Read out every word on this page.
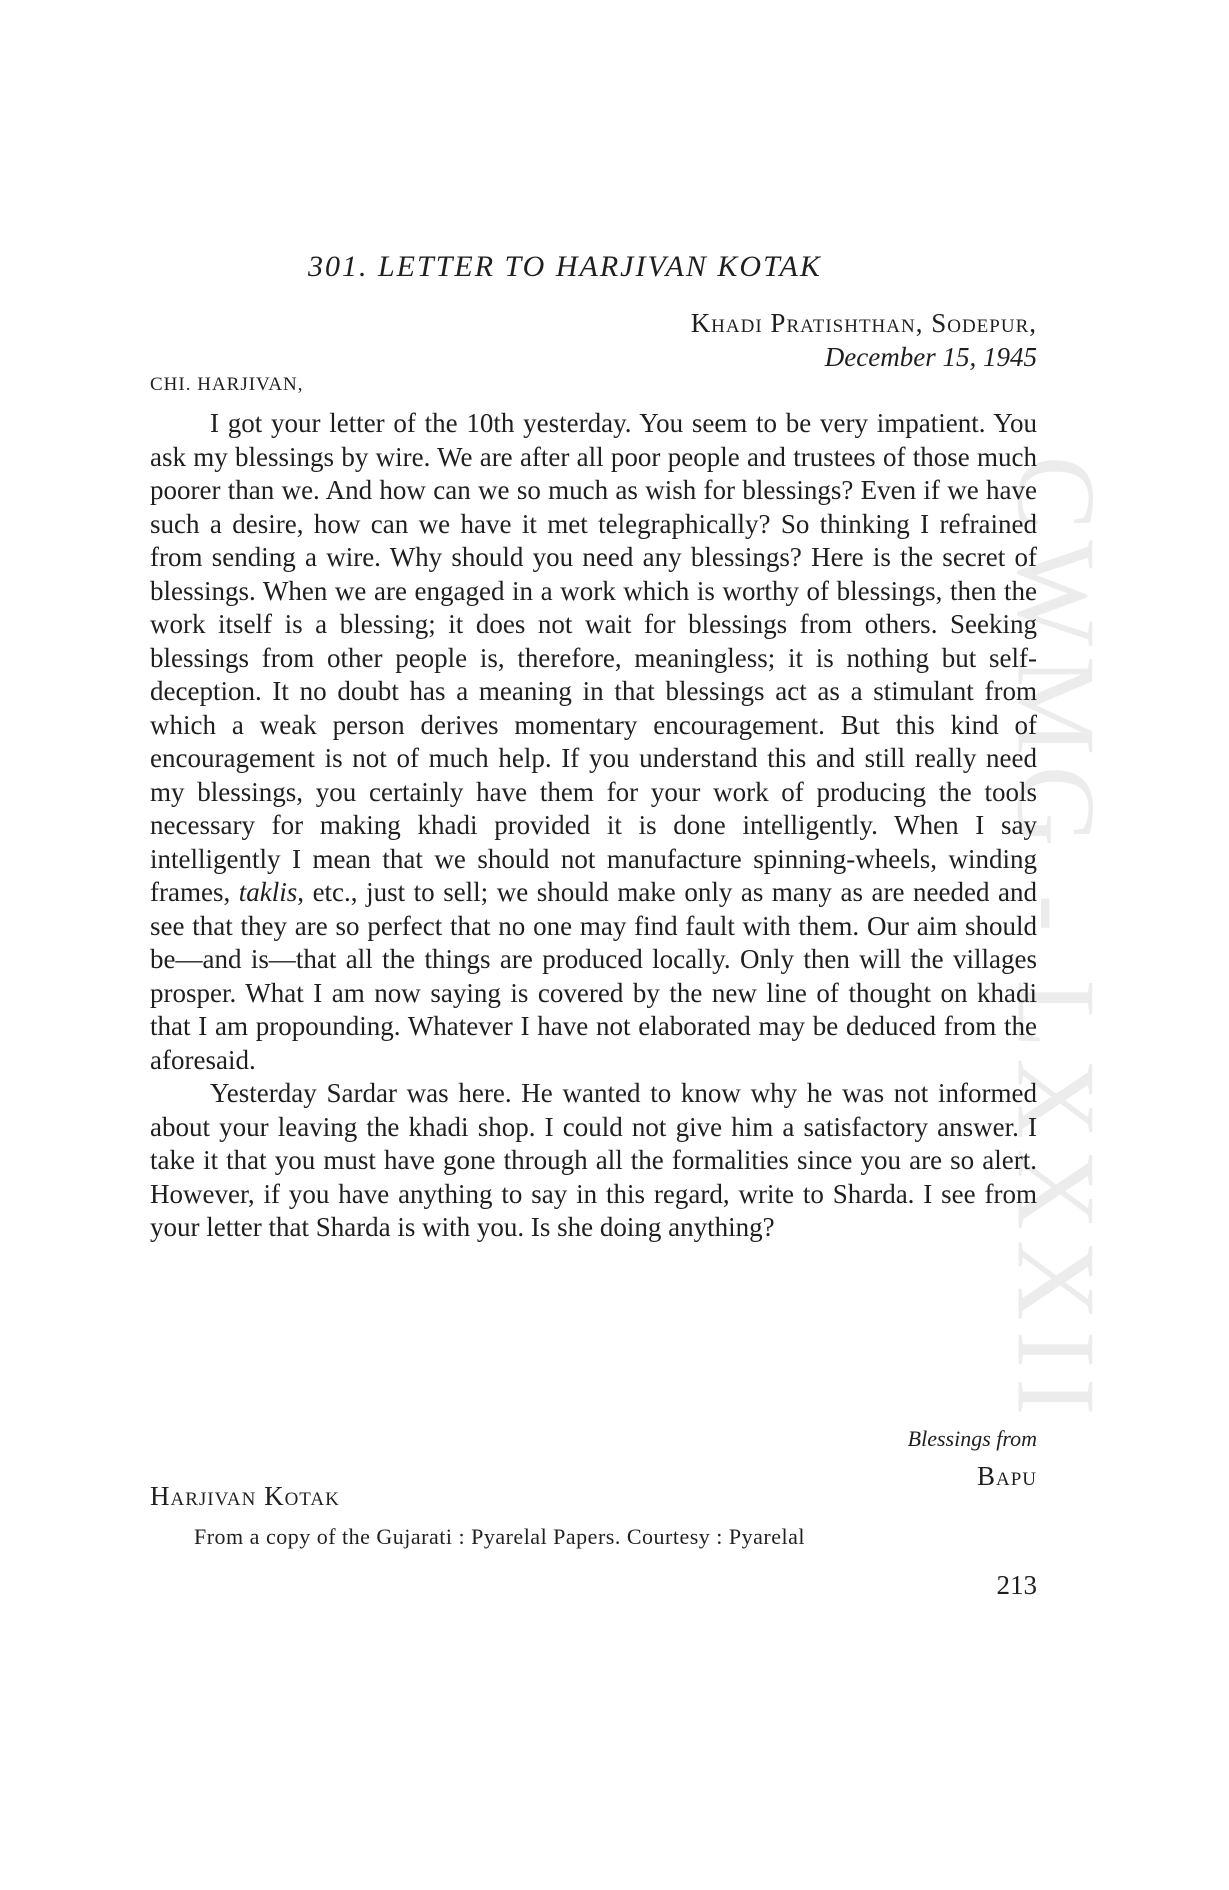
CWMG - LXXXII
301. LETTER TO HARJIVAN KOTAK
Khadi Pratishthan, Sodepur,
December 15, 1945
CHI. HARJIVAN,

I got your letter of the 10th yesterday. You seem to be very impatient. You ask my blessings by wire. We are after all poor people and trustees of those much poorer than we. And how can we so much as wish for blessings? Even if we have such a desire, how can we have it met telegraphically? So thinking I refrained from sending a wire. Why should you need any blessings? Here is the secret of blessings. When we are engaged in a work which is worthy of blessings, then the work itself is a blessing; it does not wait for blessings from others. Seeking blessings from other people is, therefore, meaningless; it is nothing but self-deception. It no doubt has a meaning in that blessings act as a stimulant from which a weak person derives momentary encouragement. But this kind of encouragement is not of much help. If you understand this and still really need my blessings, you certainly have them for your work of producing the tools necessary for making khadi provided it is done intelligently. When I say intelligently I mean that we should not manufacture spinning-wheels, winding frames, taklis, etc., just to sell; we should make only as many as are needed and see that they are so perfect that no one may find fault with them. Our aim should be—and is—that all the things are produced locally. Only then will the villages prosper. What I am now saying is covered by the new line of thought on khadi that I am propounding. Whatever I have not elaborated may be deduced from the aforesaid.

Yesterday Sardar was here. He wanted to know why he was not informed about your leaving the khadi shop. I could not give him a satisfactory answer. I take it that you must have gone through all the formalities since you are so alert. However, if you have anything to say in this regard, write to Sharda. I see from your letter that Sharda is with you. Is she doing anything?

Blessings from
Bapu
Harjivan Kotak
From a copy of the Gujarati : Pyarelal Papers. Courtesy : Pyarelal
213
